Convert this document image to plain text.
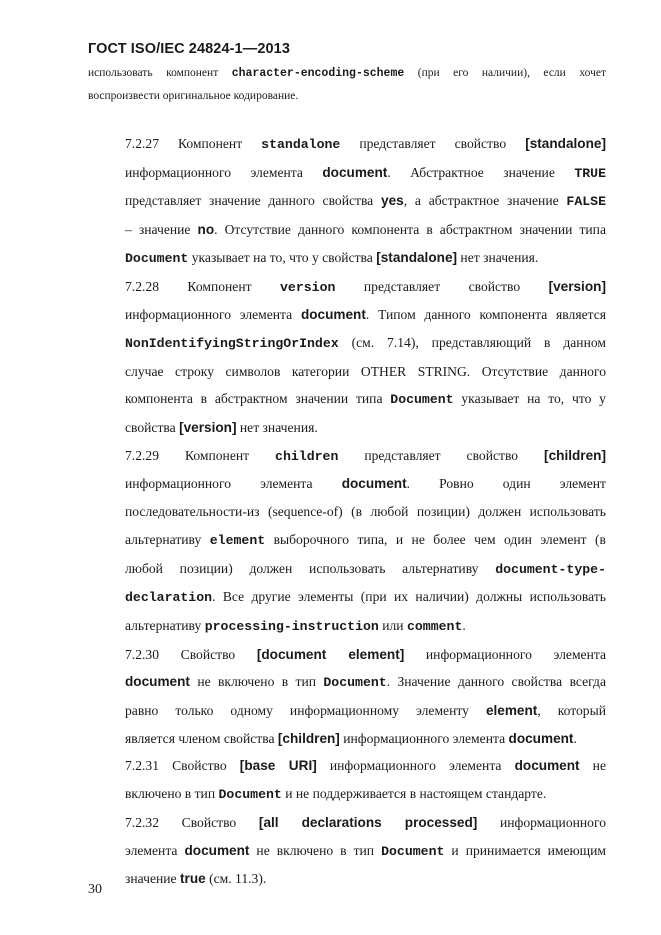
ГОСТ ISO/IEC 24824-1—2013
использовать компонент character-encoding-scheme (при его наличии), если хочет
воспроизвести оригинальное кодирование.
7.2.27 Компонент standalone представляет свойство [standalone]
информационного элемента document. Абстрактное значение TRUE
представляет значение данного свойства yes, а абстрактное значение FALSE
– значение no. Отсутствие данного компонента в абстрактном значении типа
Document указывает на то, что у свойства [standalone] нет значения.
7.2.28 Компонент version представляет свойство [version]
информационного элемента document. Типом данного компонента является
NonIdentifyingStringOrIndex (см. 7.14), представляющий в данном
случае строку символов категории OTHER STRING. Отсутствие данного
компонента в абстрактном значении типа Document указывает на то, что у
свойства [version] нет значения.
7.2.29 Компонент children представляет свойство [children]
информационного элемента document. Ровно один элемент
последовательности-из (sequence-of) (в любой позиции) должен использовать
альтернативу element выборочного типа, и не более чем один элемент (в
любой позиции) должен использовать альтернативу document-type-
declaration. Все другие элементы (при их наличии) должны использовать
альтернативу processing-instruction или comment.
7.2.30 Свойство [document element] информационного элемента
document не включено в тип Document. Значение данного свойства всегда
равно только одному информационному элементу element, который
является членом свойства [children] информационного элемента document.
7.2.31 Свойство [base URI] информационного элемента document не
включено в тип Document и не поддерживается в настоящем стандарте.
7.2.32 Свойство [all declarations processed] информационного
элемента document не включено в тип Document и принимается имеющим
значение true (см. 11.3).
30
